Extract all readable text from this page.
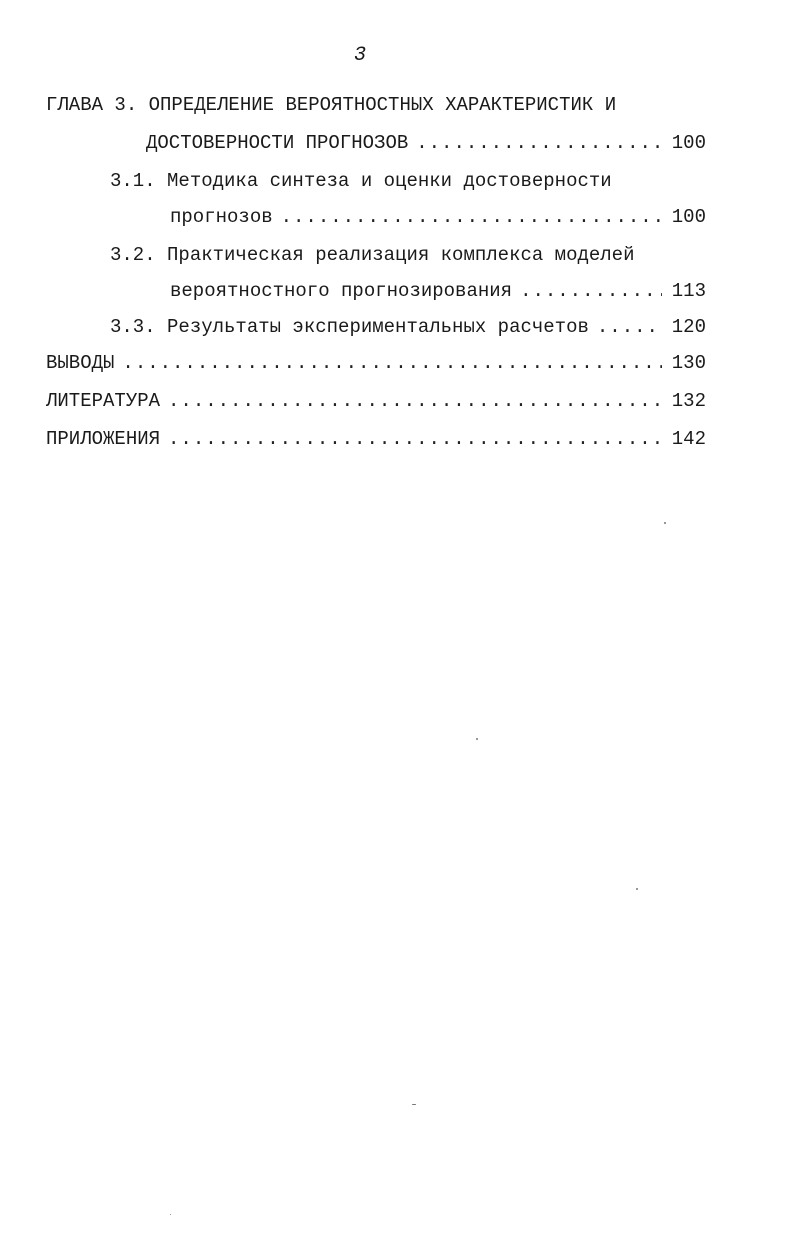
3
ГЛАВА 3. ОПРЕДЕЛЕНИЕ ВЕРОЯТНОСТНЫХ ХАРАКТЕРИСТИК И
ДОСТОВЕРНОСТИ ПРОГНОЗОВ .....	100
3.1. Методика синтеза и оценки достоверности
прогнозов .....	100
3.2. Практическая реализация комплекса моделей
вероятностного прогнозирования .....	113
3.3. Результаты экспериментальных расчетов .....	120
ВЫВОДЫ .....	130
ЛИТЕРАТУРА .....	132
ПРИЛОЖЕНИЯ .....	142
